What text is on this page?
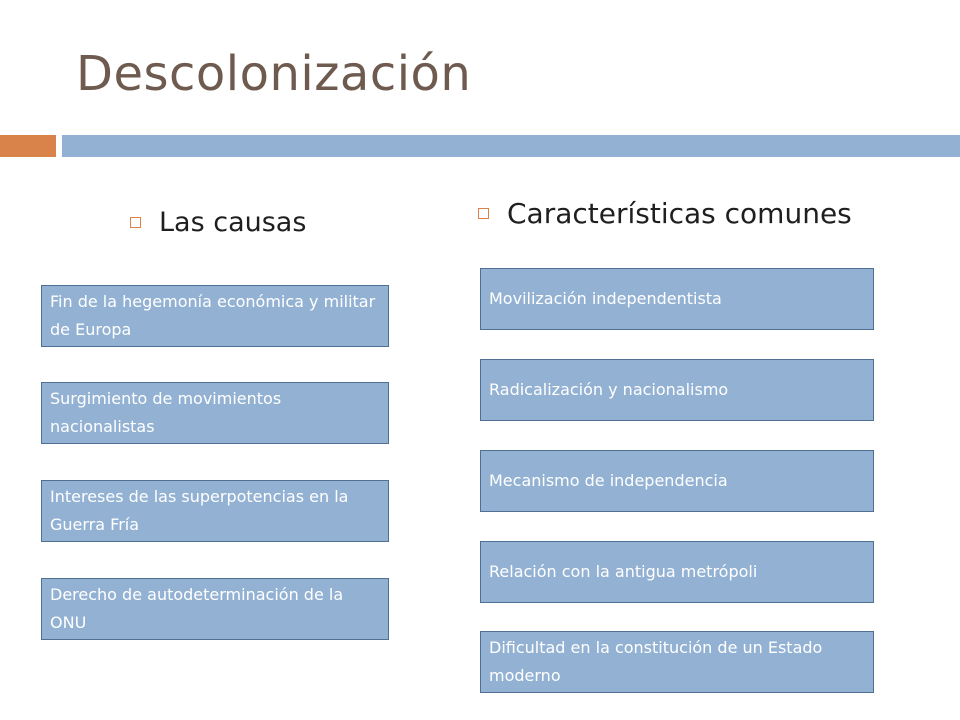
Descolonización
Las causas	Características comunes
Fin de la hegemonía económica y militar de Europa
Surgimiento de movimientos nacionalistas
Intereses de las superpotencias en la Guerra Fría
Derecho de autodeterminación de la ONU
Movilización independentista
Radicalización y nacionalismo
Mecanismo de independencia
Relación con la antigua metrópoli
Dificultad en la constitución de un Estado moderno
